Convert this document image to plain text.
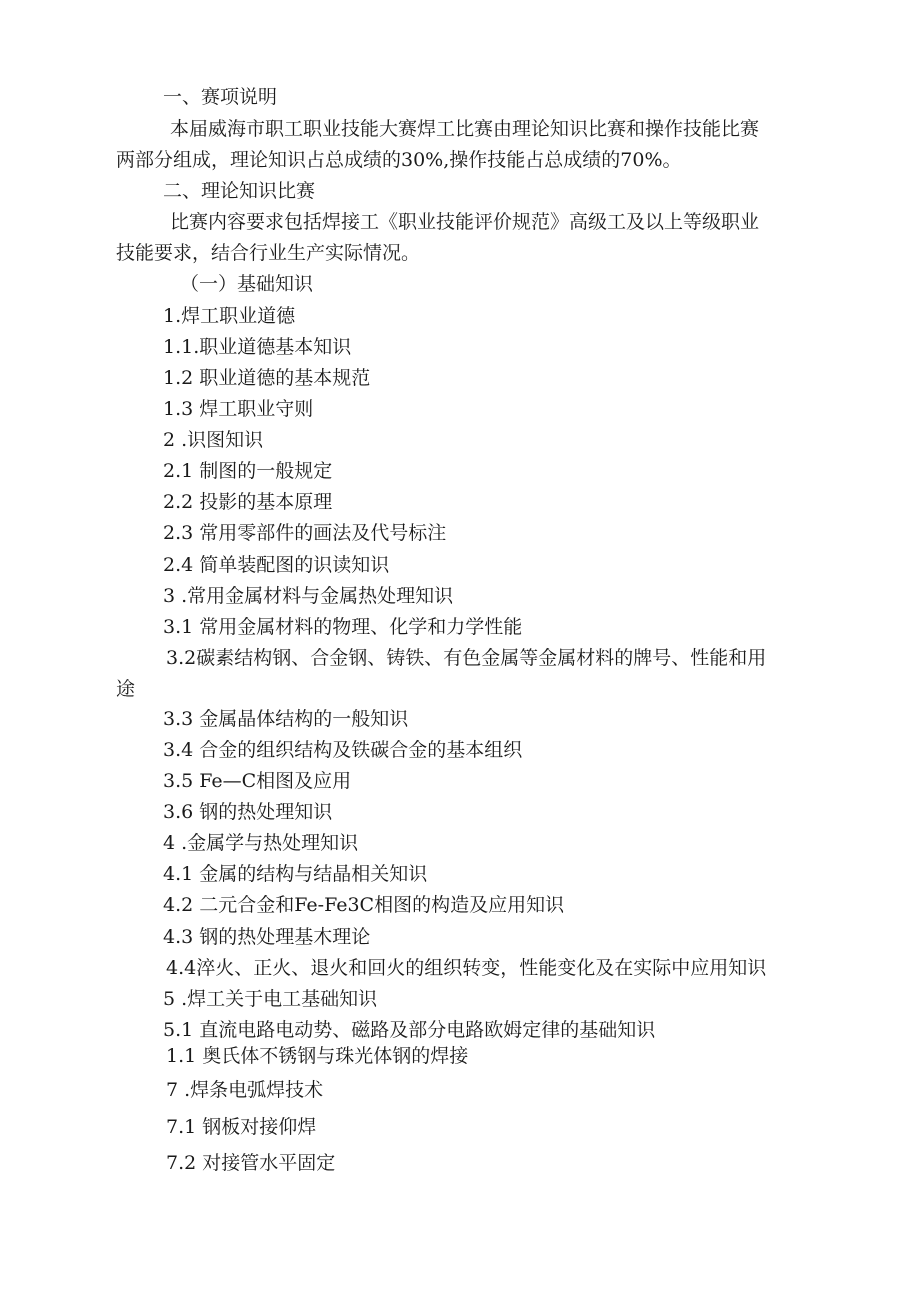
一、赛项说明
本届威海市职工职业技能大赛焊工比赛由理论知识比赛和操作技能比赛
两部分组成，理论知识占总成绩的30%,操作技能占总成绩的70%。
二、理论知识比赛
比赛内容要求包括焊接工《职业技能评价规范》高级工及以上等级职业
技能要求，结合行业生产实际情况。
（一）基础知识
1.焊工职业道德
1.1.职业道德基本知识
1.2 职业道德的基本规范
1.3 焊工职业守则
2 .识图知识
2.1 制图的一般规定
2.2 投影的基本原理
2.3 常用零部件的画法及代号标注
2.4 简单装配图的识读知识
3 .常用金属材料与金属热处理知识
3.1 常用金属材料的物理、化学和力学性能
3.2碳素结构钢、合金钢、铸铁、有色金属等金属材料的牌号、性能和用
途
3.3 金属晶体结构的一般知识
3.4 合金的组织结构及铁碳合金的基本组织
3.5 Fe—C相图及应用
3.6 钢的热处理知识
4 .金属学与热处理知识
4.1 金属的结构与结晶相关知识
4.2 二元合金和Fe-Fe3C相图的构造及应用知识
4.3 钢的热处理基木理论
4.4淬火、正火、退火和回火的组织转变，性能变化及在实际中应用知识
5 .焊工关于电工基础知识
5.1 直流电路电动势、磁路及部分电路欧姆定律的基础知识
1.1 奥氏体不锈钢与珠光体钢的焊接
7 .焊条电弧焊技术
7.1 钢板对接仰焊
7.2 对接管水平固定
